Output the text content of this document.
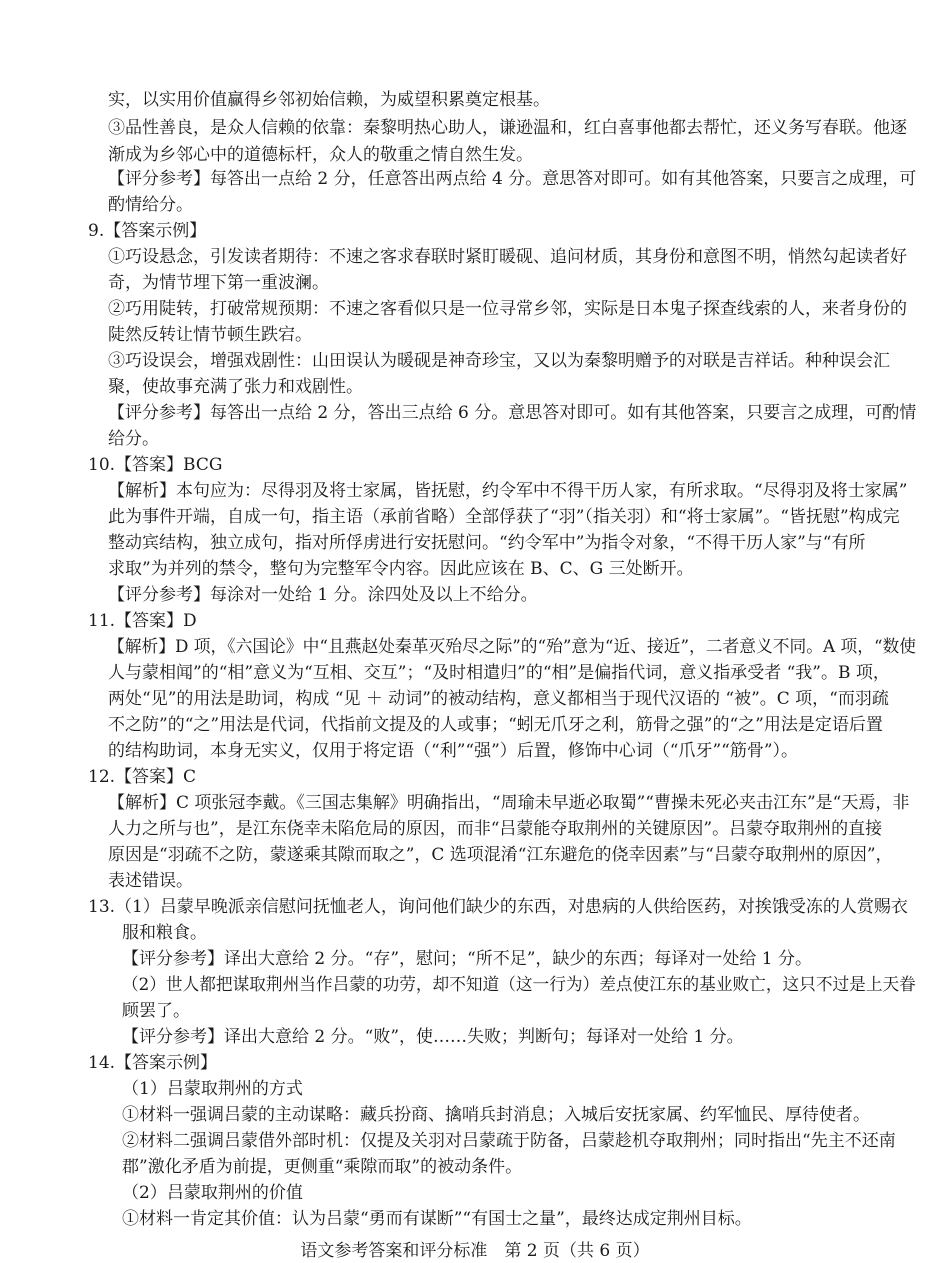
实，以实用价值赢得乡邻初始信赖，为威望积累奠定根基。
③品性善良，是众人信赖的依靠：秦黎明热心助人，谦逊温和，红白喜事他都去帮忙，还义务写春联。他逐
渐成为乡邻心中的道德标杆，众人的敬重之情自然生发。
【评分参考】每答出一点给 2 分，任意答出两点给 4 分。意思答对即可。如有其他答案，只要言之成理，可
酌情给分。
9.【答案示例】
①巧设悬念，引发读者期待：不速之客求春联时紧盯暖砚、追问材质，其身份和意图不明，悄然勾起读者好
奇，为情节埋下第一重波澜。
②巧用陡转，打破常规预期：不速之客看似只是一位寻常乡邻，实际是日本鬼子探查线索的人，来者身份的
陡然反转让情节顿生跌宕。
③巧设误会，增强戏剧性：山田误认为暖砚是神奇珍宝，又以为秦黎明赠予的对联是吉祥话。种种误会汇
聚，使故事充满了张力和戏剧性。
【评分参考】每答出一点给 2 分，答出三点给 6 分。意思答对即可。如有其他答案，只要言之成理，可酌情
给分。
10.【答案】BCG
【解析】本句应为：尽得羽及将士家属，皆抚慰，约令军中不得干历人家，有所求取。“尽得羽及将士家属”
此为事件开端，自成一句，指主语（承前省略）全部俘获了“羽”（指关羽）和“将士家属”。“皆抚慰”构成完
整动宾结构，独立成句，指对所俘虏进行安抚慰问。“约令军中”为指令对象，“不得干历人家”与“有所
求取”为并列的禁令，整句为完整军令内容。因此应该在 B、C、G 三处断开。
【评分参考】每涂对一处给 1 分。涂四处及以上不给分。
11.【答案】D
【解析】D 项，《六国论》中“且燕赵处秦革灭殆尽之际”的“殆”意为“近、接近”，二者意义不同。A 项，“数使
人与蒙相闻”的“相”意义为“互相、交互”；“及时相遣归”的“相”是偏指代词，意义指承受者 “我”。B 项，
两处“见”的用法是助词，构成 “见 ＋ 动词”的被动结构，意义都相当于现代汉语的 “被”。C 项，“而羽疏
不之防”的“之”用法是代词，代指前文提及的人或事；“蚓无爪牙之利，筋骨之强”的“之”用法是定语后置
的结构助词，本身无实义，仅用于将定语（“利”“强”）后置，修饰中心词（“爪牙”“筋骨”）。
12.【答案】C
【解析】C 项张冠李戴。《三国志集解》明确指出，“周瑜未早逝必取蜀”“曹操未死必夹击江东”是“天焉，非
人力之所与也”，是江东侥幸未陷危局的原因，而非“吕蒙能夺取荆州的关键原因”。吕蒙夺取荆州的直接
原因是“羽疏不之防，蒙遂乘其隙而取之”，C 选项混淆“江东避危的侥幸因素”与“吕蒙夺取荆州的原因”，
表述错误。
13.（1）吕蒙早晚派亲信慰问抚恤老人，询问他们缺少的东西，对患病的人供给医药，对挨饿受冻的人赏赐衣
服和粮食。
【评分参考】译出大意给 2 分。“存”，慰问；“所不足”，缺少的东西；每译对一处给 1 分。
（2）世人都把谋取荆州当作吕蒙的功劳，却不知道（这一行为）差点使江东的基业败亡，这只不过是上天眷
顾罢了。
【评分参考】译出大意给 2 分。“败”，使……失败；判断句；每译对一处给 1 分。
14.【答案示例】
（1）吕蒙取荆州的方式
①材料一强调吕蒙的主动谋略：藏兵扮商、擒哨兵封消息；入城后安抚家属、约军恤民、厚待使者。
②材料二强调吕蒙借外部时机：仅提及关羽对吕蒙疏于防备，吕蒙趁机夺取荆州；同时指出“先主不还南
郡”激化矛盾为前提，更侧重“乘隙而取”的被动条件。
（2）吕蒙取荆州的价值
①材料一肯定其价值：认为吕蒙“勇而有谋断”“有国士之量”，最终达成定荆州目标。
语文参考答案和评分标准　第 2 页（共 6 页）
